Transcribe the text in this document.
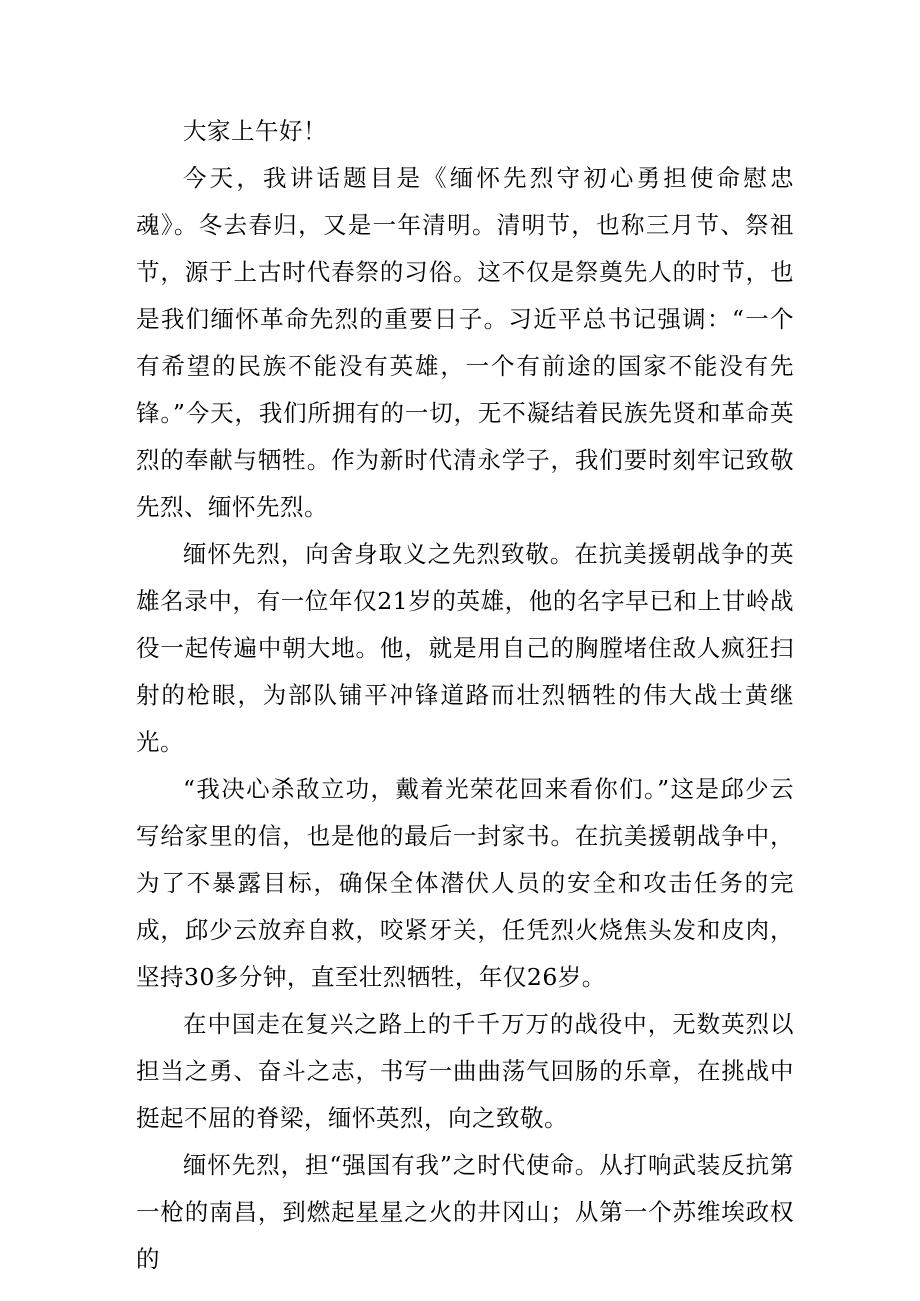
大家上午好！

今天，我讲话题目是《缅怀先烈守初心勇担使命慰忠魂》。冬去春归，又是一年清明。清明节，也称三月节、祭祖节，源于上古时代春祭的习俗。这不仅是祭奠先人的时节，也是我们缅怀革命先烈的重要日子。习近平总书记强调：“一个有希望的民族不能没有英雄，一个有前途的国家不能没有先锋。”今天，我们所拥有的一切，无不凝结着民族先贤和革命英烈的奉献与牺牲。作为新时代清永学子，我们要时刻牢记致敬先烈、缅怀先烈。

缅怀先烈，向舍身取义之先烈致敬。在抗美援朝战争的英雄名录中，有一位年仅21岁的英雄，他的名字早已和上甘岭战役一起传遍中朝大地。他，就是用自己的胸膛堵住敌人疯狂扫射的枪眼，为部队铺平冲锋道路而壮烈牺牲的伟大战士黄继光。

“我决心杀敌立功，戴着光荣花回来看你们。”这是邱少云写给家里的信，也是他的最后一封家书。在抗美援朝战争中，为了不暴露目标，确保全体潜伏人员的安全和攻击任务的完成，邱少云放弃自救，咬紧牙关，任凭烈火烧焦头发和皮肉，坚持30多分钟，直至壮烈牺牲，年仅26岁。

在中国走在复兴之路上的千千万万的战役中，无数英烈以担当之勇、奋斗之志，书写一曲曲荡气回肠的乐章，在挑战中挺起不屈的脊梁，缅怀英烈，向之致敬。

缅怀先烈，担“强国有我”之时代使命。从打响武装反抗第一枪的南昌，到燃起星星之火的井冈山；从第一个苏维埃政权的
